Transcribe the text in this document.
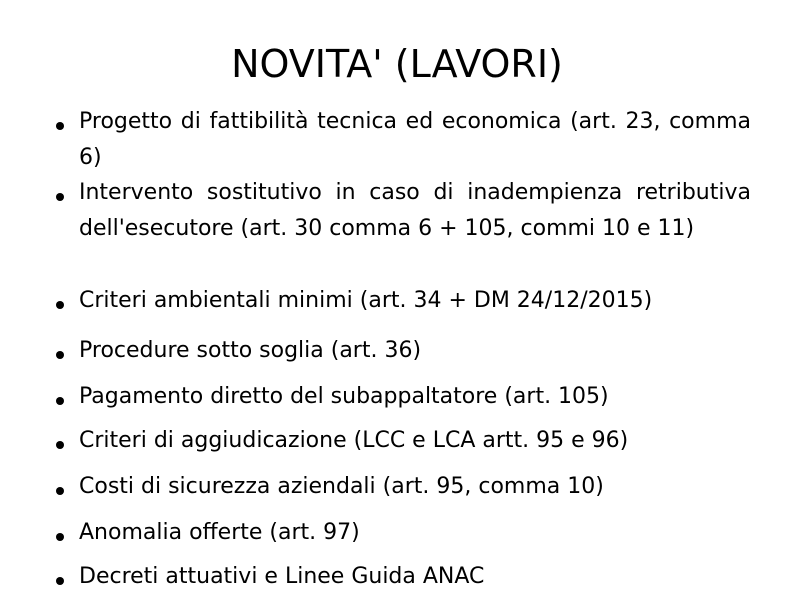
NOVITA' (LAVORI)
Progetto di fattibilità tecnica ed economica (art. 23, comma 6)
Intervento sostitutivo in caso di inadempienza retributiva dell'esecutore (art. 30 comma 6 + 105, commi 10 e 11)
Criteri ambientali minimi (art. 34 + DM 24/12/2015)
Procedure sotto soglia (art. 36)
Pagamento diretto del subappaltatore (art. 105)
Criteri di aggiudicazione (LCC e LCA artt. 95 e 96)
Costi di sicurezza aziendali (art. 95, comma 10)
Anomalia offerte (art. 97)
Decreti attuativi e Linee Guida ANAC
